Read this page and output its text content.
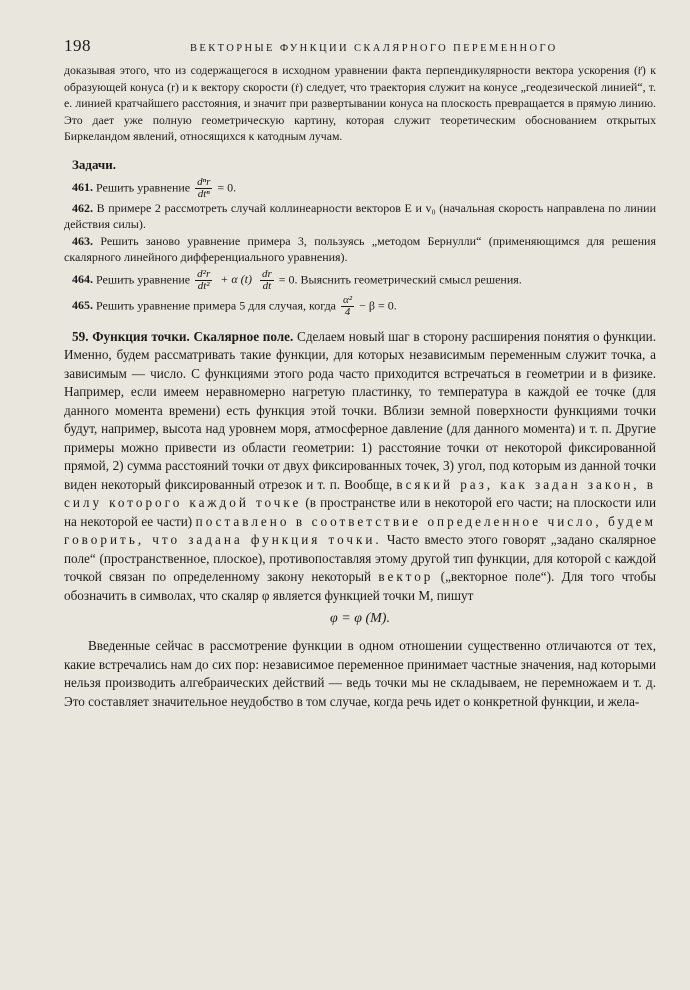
198	ВЕКТОРНЫЕ ФУНКЦИИ СКАЛЯРНОГО ПЕРЕМЕННОГО

доказывая этого, что из содержащегося в исходном уравнении факта перпендикулярности вектора ускорения (r̈) к образующей конуса (r) и к вектору скорости (ṙ) следует, что траектория служит на конусе „геодезической линией“, т. е. линией кратчайшего расстояния, и значит при развертывании конуса на плоскость превращается в прямую линию. Это дает уже полную геометрическую картину, которая служит теоретическим обоснованием открытых Биркеландом явлений, относящихся к катодным лучам.

Задачи.

461. Решить уравнение $\frac{\text{dⁿr}}{\text{dtⁿ}} = 0$.

462. В примере 2 рассмотреть случай коллинеарности векторов E и v₀ (начальная скорость направлена по линии действия силы).

463. Решить заново уравнение примера 3, пользуясь „методом Бернулли“ (применяющимся для решения скалярного линейного дифференциального уравнения).

464. Решить уравнение $\frac{\text{d²r}}{\text{dt²}} + \alpha$ $(t) \frac{dr}{dt} = 0$. Выяснить геометрический смысл решения.

465. Решить уравнение примера 5 для случая, когда $\frac{\text{α²}}{4} - \beta = 0$.

59. Функция точки. Скалярное поле. Сделаем новый шаг в сторону расширения понятия о функции. Именно, будем рассматривать такие функции, для которых независимым переменным служит точка, а зависимым — число. С функциями этого рода часто приходится встречаться в геометрии и в физике. Например, если имеем неравномерно нагретую пластинку, то температура в каждой ее точке (для данного момента времени) есть функция этой точки. Вблизи земной поверхности функциями точки будут, например, высота над уровнем моря, атмосферное давление (для данного момента) и т. п. Другие примеры можно привести из области геометрии: 1) расстояние точки от некоторой фиксированной прямой, 2) сумма расстояний точки от двух фиксированных точек, 3) угол, под которым из данной точки виден некоторый фиксированный отрезок и т. п. Вообще, всякий раз, как задан закон, в силу которого каждой точке (в пространстве или в некоторой его части; на плоскости или на некоторой ее части) поставлено в соответствие определенное число, будем говорить, что задана функция точки. Часто вместо этого говорят „задано скалярное поле“ (пространственное, плоское), противопоставляя этому другой тип функции, для которой с каждой точкой связан по определенному закону некоторый вектор („векторное поле“). Для того чтобы обозначить в символах, что скаляр φ является функцией точки M, пишут

φ = φ (M).

Введенные сейчас в рассмотрение функции в одном отношении существенно отличаются от тех, какие встречались нам до сих пор: независимое переменное принимает частные значения, над которыми нельзя производить алгебраических действий — ведь точки мы не складываем, не перемножаем и т. д. Это составляет значительное неудобство в том случае, когда речь идет о конкретной функции, и жела-
